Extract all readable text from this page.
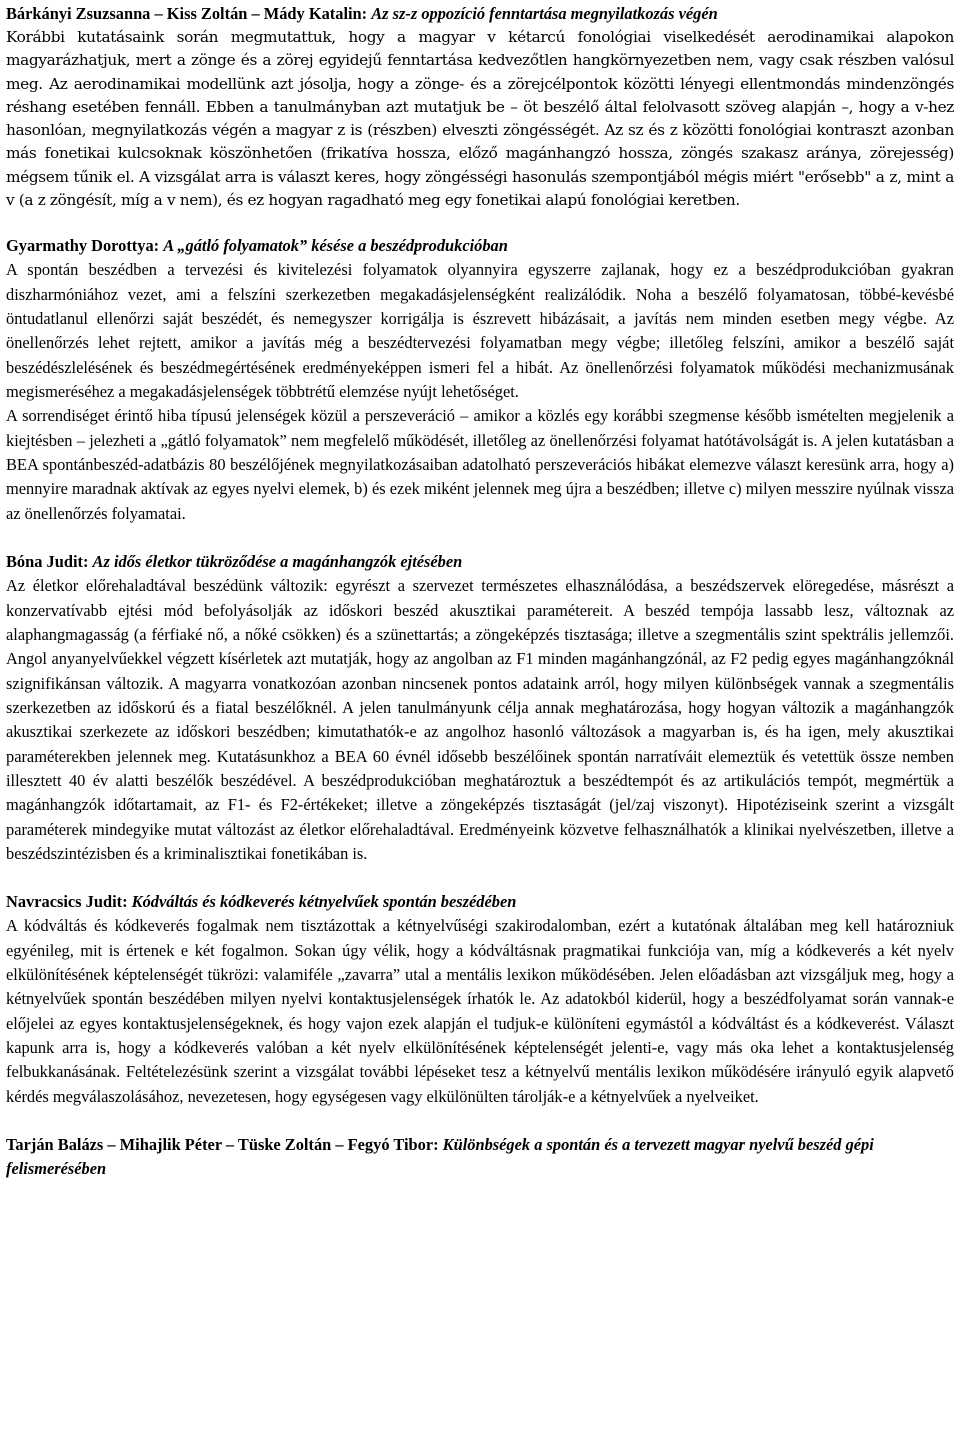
Bárkányi Zsuzsanna – Kiss Zoltán – Mády Katalin: Az sz-z oppozíció fenntartása megnyilatkozás végén

Korábbi kutatásaink során megmutattuk, hogy a magyar v kétarcú fonológiai viselkedését aerodinamikai alapokon magyarázhatjuk, mert a zönge és a zörej egyidejű fenntartása kedvezőtlen hangkörnyezetben nem, vagy csak részben valósul meg. Az aerodinamikai modellünk azt jósolja, hogy a zönge- és a zörejcélpontok közötti lényegi ellentmondás mindenzöngés réshang esetében fennáll. Ebben a tanulmányban azt mutatjuk be – öt beszélő által felolvasott szöveg alapján –, hogy a v-hez hasonlóan, megnyilatkozás végén a magyar z is (részben) elveszti zöngésségét. Az sz és z közötti fonológiai kontraszt azonban más fonetikai kulcsoknak köszönhetően (frikatíva hossza, előző magánhangzó hossza, zöngés szakasz aránya, zörejesség) mégsem tűnik el. A vizsgálat arra is választ keres, hogy zöngésségi hasonulás szempontjából mégis miért "erősebb" a z, mint a v (a z zöngésít, míg a v nem), és ez hogyan ragadható meg egy fonetikai alapú fonológiai keretben.

Gyarmathy Dorottya: A „gátló folyamatok” késése a beszédprodukcióban

A spontán beszédben a tervezési és kivitelezési folyamatok olyannyira egyszerre zajlanak, hogy ez a beszédprodukcióban gyakran diszharmóniához vezet, ami a felszíni szerkezetben megakadásjelenségként realizálódik. Noha a beszélő folyamatosan, többé-kevésbé öntudatlanul ellenőrzi saját beszédét, és nemegyszer korrigálja is észrevett hibázásait, a javítás nem minden esetben megy végbe. Az önellenőrzés lehet rejtett, amikor a javítás még a beszédtervezési folyamatban megy végbe; illetőleg felszíni, amikor a beszélő saját beszédészlelésének és beszédmegértésének eredményeképpen ismeri fel a hibát. Az önellenőrzési folyamatok működési mechanizmusának megismeréséhez a megakadásjelenségek többtrétű elemzése nyújt lehetőséget.

A sorrendiséget érintő hiba típusú jelenségek közül a perszeveráció – amikor a közlés egy korábbi szegmense később ismételten megjelenik a kiejtésben – jelezheti a „gátló folyamatok” nem megfelelő működését, illetőleg az önellenőrzési folyamat hatótávolságát is. A jelen kutatásban a BEA spontánbeszéd-adatbázis 80 beszélőjének megnyilatkozásaiban adatolható perszeverációs hibákat elemezve választ keresünk arra, hogy a) mennyire maradnak aktívak az egyes nyelvi elemek, b) és ezek miként jelennek meg újra a beszédben; illetve c) milyen messzire nyúlnak vissza az önellenőrzés folyamatai.

Bóna Judit: Az idős életkor tükröződése a magánhangzók ejtésében

Az életkor előrehaladtával beszédünk változik: egyrészt a szervezet természetes elhasználódása, a beszédszervek elöregedése, másrészt a konzervatívabb ejtési mód befolyásolják az időskori beszéd akusztikai paramétereit. A beszéd tempója lassabb lesz, változnak az alaphangmagasság (a férfiaké nő, a nőké csökken) és a szünettartás; a zöngeképzés tisztasága; illetve a szegmentális szint spektrális jellemzői. Angol anyanyelvűekkel végzett kísérletek azt mutatják, hogy az angolban az F1 minden magánhangzónál, az F2 pedig egyes magánhangzóknál szignifikánsan változik. A magyarra vonatkozóan azonban nincsenek pontos adataink arról, hogy milyen különbségek vannak a szegmentális szerkezetben az időskorú és a fiatal beszélőknél. A jelen tanulmányunk célja annak meghatározása, hogy hogyan változik a magánhangzók akusztikai szerkezete az időskori beszédben; kimutathatók-e az angolhoz hasonló változások a magyarban is, és ha igen, mely akusztikai paraméterekben jelennek meg. Kutatásunkhoz a BEA 60 évnél idősebb beszélőinek spontán narratíváit elemeztük és vetettük össze nemben illesztett 40 év alatti beszélők beszédével. A beszédprodukcióban meghatároztuk a beszédtempót és az artikulációs tempót, megmértük a magánhangzók időtartamait, az F1- és F2-értékeket; illetve a zöngeképzés tisztaságát (jel/zaj viszonyt). Hipotéziseink szerint a vizsgált paraméterek mindegyike mutat változást az életkor előrehaladtával. Eredményeink közvetve felhasználhatók a klinikai nyelvészetben, illetve a beszédszintézisben és a kriminalisztikai fonetikában is.

Navracsics Judit: Kódváltás és kódkeverés kétnyelvűek spontán beszédében

A kódváltás és kódkeverés fogalmak nem tisztázottak a kétnyelvűségi szakirodalomban, ezért a kutatónak általában meg kell határozniuk egyénileg, mit is értenek e két fogalmon. Sokan úgy vélik, hogy a kódváltásnak pragmatikai funkciója van, míg a kódkeverés a két nyelv elkülönítésének képtelenségét tükrözi: valamiféle „zavarra” utal a mentális lexikon működésében. Jelen előadásban azt vizsgáljuk meg, hogy a kétnyelvűek spontán beszédében milyen nyelvi kontaktusjelenségek írhatók le. Az adatokból kiderül, hogy a beszédfolyamat során vannak-e előjelei az egyes kontaktusjelenségeknek, és hogy vajon ezek alapján el tudjuk-e különíteni egymástól a kódváltást és a kódkeverést. Választ kapunk arra is, hogy a kódkeverés valóban a két nyelv elkülönítésének képtelenségét jelenti-e, vagy más oka lehet a kontaktusjelenség felbukkanásának. Feltételezésünk szerint a vizsgálat további lépéseket tesz a kétnyelvű mentális lexikon működésére irányuló egyik alapvető kérdés megválaszolásához, nevezetesen, hogy egységesen vagy elkülönülten tárolják-e a kétnyelvűek a nyelveiket.

Tarján Balázs – Mihajlik Péter – Tüske Zoltán – Fegyó Tibor: Különbségek a spontán és a tervezett magyar nyelvű beszéd gépi felismerésében
